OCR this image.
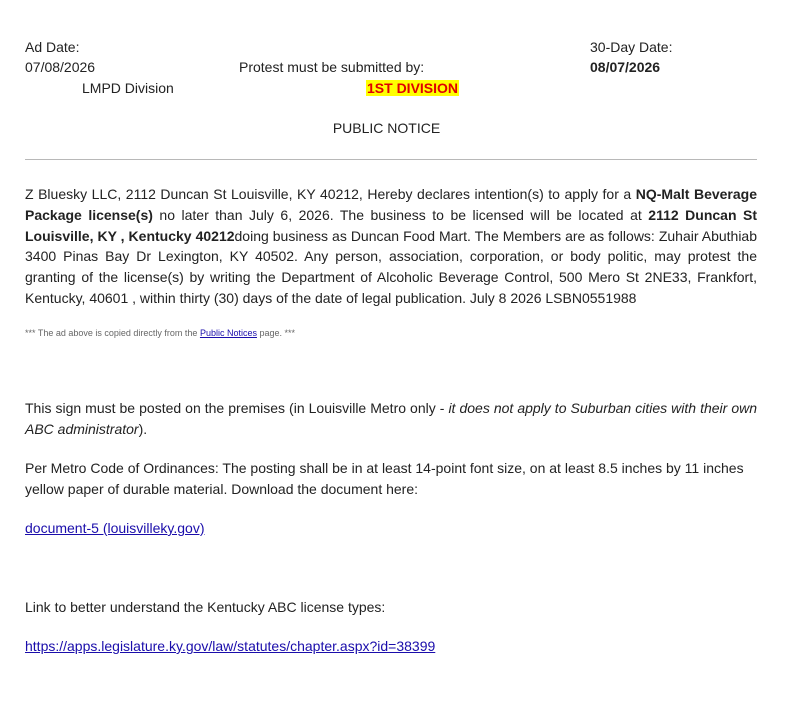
Ad Date:
07/08/2026
LMPD Division
Protest must be submitted by:
1ST DIVISION
30-Day Date:
08/07/2026
PUBLIC NOTICE
Z Bluesky LLC, 2112 Duncan St Louisville, KY 40212, Hereby declares intention(s) to apply for a NQ-Malt Beverage Package license(s) no later than July 6, 2026. The business to be licensed will be located at 2112 Duncan St Louisville, KY , Kentucky 40212doing business as Duncan Food Mart. The Members are as follows: Zuhair Abuthiab 3400 Pinas Bay Dr Lexington, KY 40502. Any person, association, corporation, or body politic, may protest the granting of the license(s) by writing the Department of Alcoholic Beverage Control, 500 Mero St 2NE33, Frankfort, Kentucky, 40601 , within thirty (30) days of the date of legal publication. July 8 2026 LSBN0551988
*** The ad above is copied directly from the Public Notices page. ***
This sign must be posted on the premises (in Louisville Metro only - it does not apply to Suburban cities with their own ABC administrator).
Per Metro Code of Ordinances: The posting shall be in at least 14-point font size, on at least 8.5 inches by 11 inches yellow paper of durable material. Download the document here:
document-5 (louisvilleky.gov)
Link to better understand the Kentucky ABC license types:
https://apps.legislature.ky.gov/law/statutes/chapter.aspx?id=38399
